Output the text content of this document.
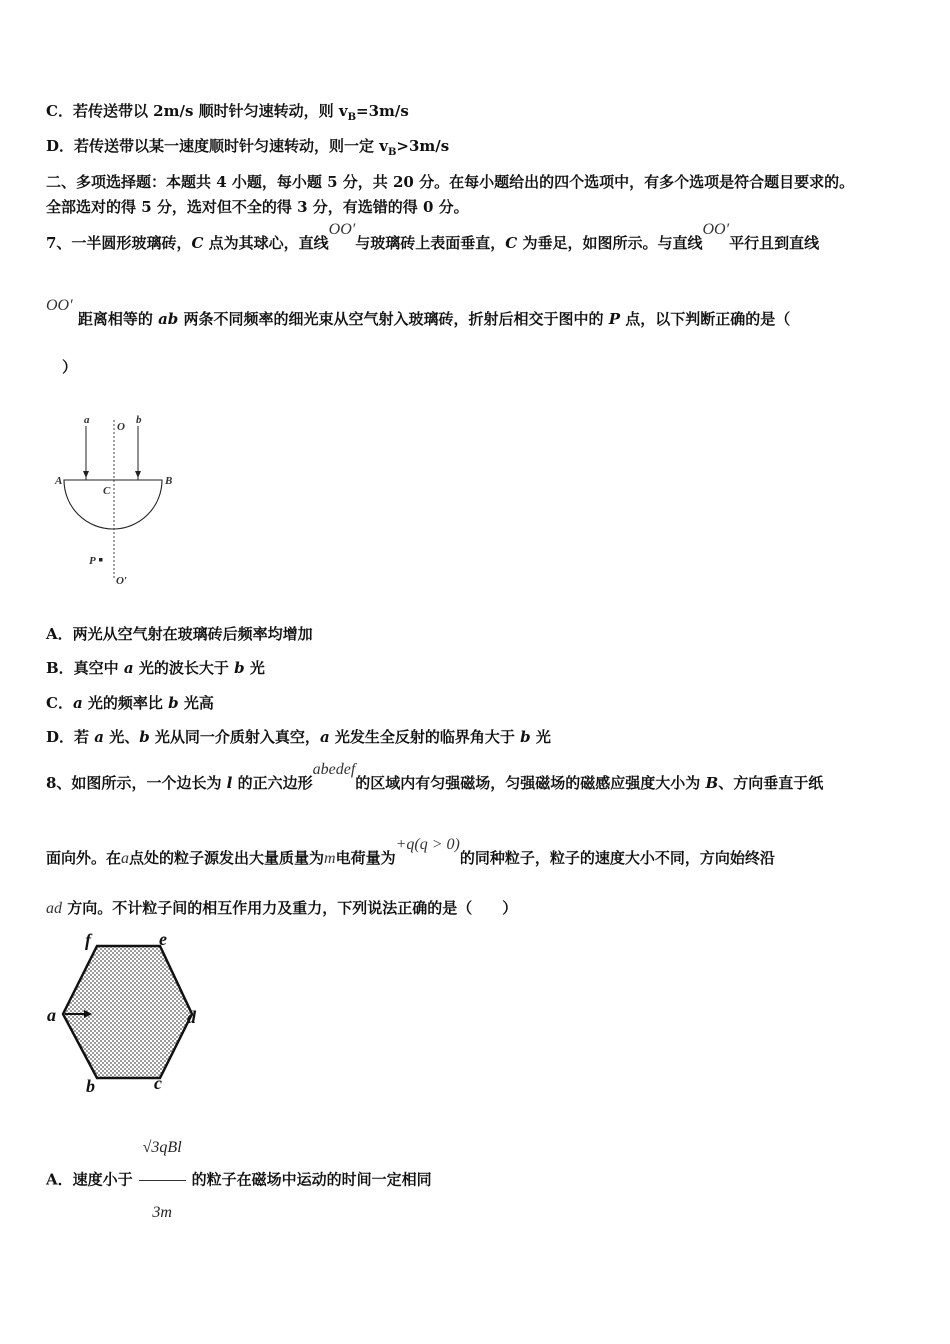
C．若传送带以 2m/s 顺时针匀速转动，则 $v_B=3m/s$
D．若传送带以某一速度顺时针匀速转动，则一定 $v_B>3m/s$
二、多项选择题：本题共 4 小题，每小题 5 分，共 20 分。在每小题给出的四个选项中，有多个选项是符合题目要求的。
全部选对的得 5 分，选对但不全的得 3 分，有选错的得 0 分。
7、一半圆形玻璃砖，C 点为其球心，直线OO′与玻璃砖上表面垂直，C 为垂足，如图所示。与直线OO′平行且到直线
OO′ 距离相等的 ab 两条不同频率的细光束从空气射入玻璃砖，折射后相交于图中的 P 点，以下判断正确的是（
）
a	b
O
A	B
C
P
O′
A．两光从空气射在玻璃砖后频率均增加
B．真空中 a 光的波长大于 b 光
C．a 光的频率比 b 光高
D．若 a 光、b 光从同一介质射入真空，a 光发生全反射的临界角大于 b 光
8、如图所示，一个边长为 l 的正六边形abedef的区域内有匀强磁场，匀强磁场的磁感应强度大小为 B、方向垂直于纸
面向外。在a点处的粒子源发出大量质量为m电荷量为+q(q > 0)的同种粒子，粒子的速度大小不同，方向始终沿
ad 方向。不计粒子间的相互作用力及重力，下列说法正确的是（　　）
a
b	c
d
e
f
A．速度小于 $\frac{\text{√3qBl}}{3m}$ 的粒子在磁场中运动的时间一定相同
